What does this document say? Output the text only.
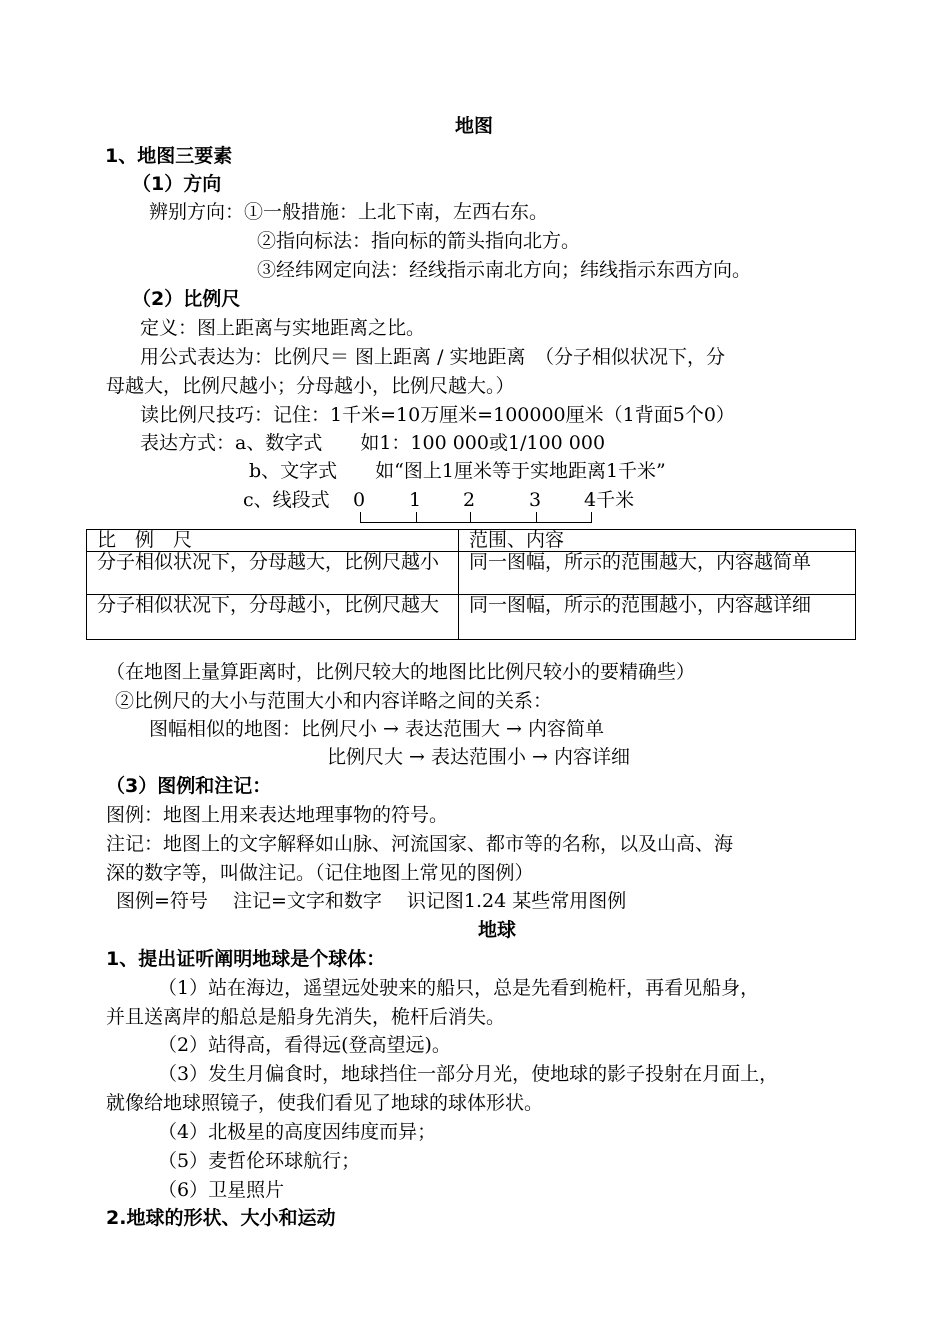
地图
1、地图三要素
（1）方向
辨别方向：①一般措施：上北下南，左西右东。
②指向标法：指向标的箭头指向北方。
③经纬网定向法：经线指示南北方向；纬线指示东西方向。
（2）比例尺
定义：图上距离与实地距离之比。
用公式表达为：比例尺＝ 图上距离 / 实地距离　（分子相似状况下，分
母越大，比例尺越小；分母越小，比例尺越大。）
读比例尺技巧：记住：1千米=10万厘米=100000厘米（1背面5个0）
表达方式：a、数字式　　如1：100 000或1/100 000
b、文字式　　如“图上1厘米等于实地距离1千米”
c、线段式 0 1 2	3 4千米
比　例　尺	范围、内容
分子相似状况下，分母越大，比例尺越小	同一图幅，所示的范围越大，内容越简单
分子相似状况下，分母越小，比例尺越大	同一图幅，所示的范围越小，内容越详细
（在地图上量算距离时，比例尺较大的地图比比例尺较小的要精确些）
②比例尺的大小与范围大小和内容详略之间的关系：
图幅相似的地图：比例尺小 → 表达范围大 → 内容简单
比例尺大 → 表达范围小 → 内容详细
（3）图例和注记：
图例：地图上用来表达地理事物的符号。
注记：地图上的文字解释如山脉、河流国家、都市等的名称，以及山高、海
深的数字等，叫做注记。（记住地图上常见的图例）
图例=符号　 注记=文字和数字　 识记图1.24 某些常用图例
地球
1、提出证听阐明地球是个球体：
（1）站在海边，遥望远处驶来的船只，总是先看到桅杆，再看见船身，
并且送离岸的船总是船身先消失，桅杆后消失。
（2）站得高，看得远(登高望远)。
（3）发生月偏食时，地球挡住一部分月光，使地球的影子投射在月面上，
就像给地球照镜子，使我们看见了地球的球体形状。
（4）北极星的高度因纬度而异；
（5）麦哲伦环球航行；
（6）卫星照片
2.地球的形状、大小和运动
